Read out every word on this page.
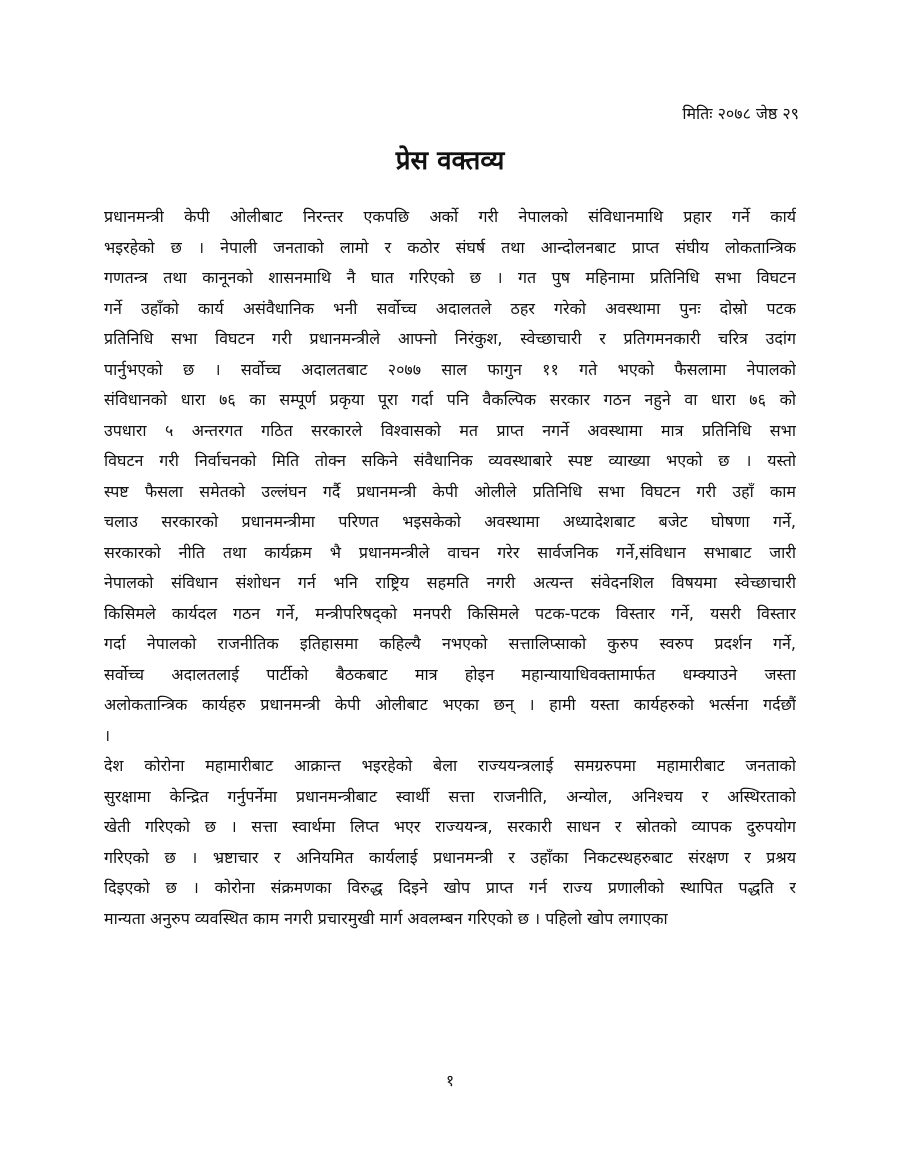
मितिः २०७८ जेष्ठ २९
प्रेस वक्तव्य
प्रधानमन्त्री केपी ओलीबाट निरन्तर एकपछि अर्को गरी नेपालको संविधानमाथि प्रहार गर्ने कार्य
भइरहेको छ । नेपाली जनताको लामो र कठोर संघर्ष तथा आन्दोलनबाट प्राप्त संघीय लोकतान्त्रिक
गणतन्त्र तथा कानूनको शासनमाथि नै घात गरिएको छ । गत पुष महिनामा प्रतिनिधि सभा विघटन
गर्ने उहाँको कार्य असंवैधानिक भनी सर्वोच्च अदालतले ठहर गरेको अवस्थामा पुनः दोस्रो पटक
प्रतिनिधि सभा विघटन गरी प्रधानमन्त्रीले आफ्नो निरंकुश, स्वेच्छाचारी र प्रतिगमनकारी चरित्र उदांग
पार्नुभएको छ । सर्वोच्च अदालतबाट २०७७ साल फागुन ११ गते भएको फैसलामा नेपालको
संविधानको धारा ७६ का सम्पूर्ण प्रकृया पूरा गर्दा पनि वैकल्पिक सरकार गठन नहुने वा धारा ७६ को
उपधारा ५ अन्तरगत गठित सरकारले विश्वासको मत प्राप्त नगर्ने अवस्थामा मात्र प्रतिनिधि सभा
विघटन गरी निर्वाचनको मिति तोक्न सकिने संवैधानिक व्यवस्थाबारे स्पष्ट व्याख्या भएको छ । यस्तो
स्पष्ट फैसला समेतको उल्लंघन गर्दै प्रधानमन्त्री केपी ओलीले प्रतिनिधि सभा विघटन गरी उहाँ काम
चलाउ सरकारको प्रधानमन्त्रीमा परिणत भइसकेको अवस्थामा अध्यादेशबाट बजेट घोषणा गर्ने,
सरकारको नीति तथा कार्यक्रम भै प्रधानमन्त्रीले वाचन गरेर सार्वजनिक गर्ने,संविधान सभाबाट जारी
नेपालको संविधान संशोधन गर्न भनि राष्ट्रिय सहमति नगरी अत्यन्त संवेदनशिल विषयमा स्वेच्छाचारी
किसिमले कार्यदल गठन गर्ने, मन्त्रीपरिषद्को मनपरी किसिमले पटक-पटक विस्तार गर्ने, यसरी विस्तार
गर्दा नेपालको राजनीतिक इतिहासमा कहिल्यै नभएको सत्तालिप्साको कुरुप स्वरुप प्रदर्शन गर्ने,
सर्वोच्च अदालतलाई पार्टीको बैठकबाट मात्र होइन महान्यायाधिवक्तामार्फत धम्क्याउने जस्ता
अलोकतान्त्रिक कार्यहरु प्रधानमन्त्री केपी ओलीबाट भएका छन् । हामी यस्ता कार्यहरुको भर्त्सना गर्दछौं
।
देश कोरोना महामारीबाट आक्रान्त भइरहेको बेला राज्ययन्त्रलाई समग्ररुपमा महामारीबाट जनताको
सुरक्षामा केन्द्रित गर्नुपर्नेमा प्रधानमन्त्रीबाट स्वार्थी सत्ता राजनीति, अन्योल, अनिश्चय र अस्थिरताको
खेती गरिएको छ । सत्ता स्वार्थमा लिप्त भएर राज्ययन्त्र, सरकारी साधन र स्रोतको व्यापक दुरुपयोग
गरिएको छ । भ्रष्टाचार र अनियमित कार्यलाई प्रधानमन्त्री र उहाँका निकटस्थहरुबाट संरक्षण र प्रश्रय
दिइएको छ । कोरोना संक्रमणका विरुद्ध दिइने खोप प्राप्त गर्न राज्य प्रणालीको स्थापित पद्धति र
मान्यता अनुरुप व्यवस्थित काम नगरी प्रचारमुखी मार्ग अवलम्बन गरिएको छ । पहिलो खोप लगाएका
१
